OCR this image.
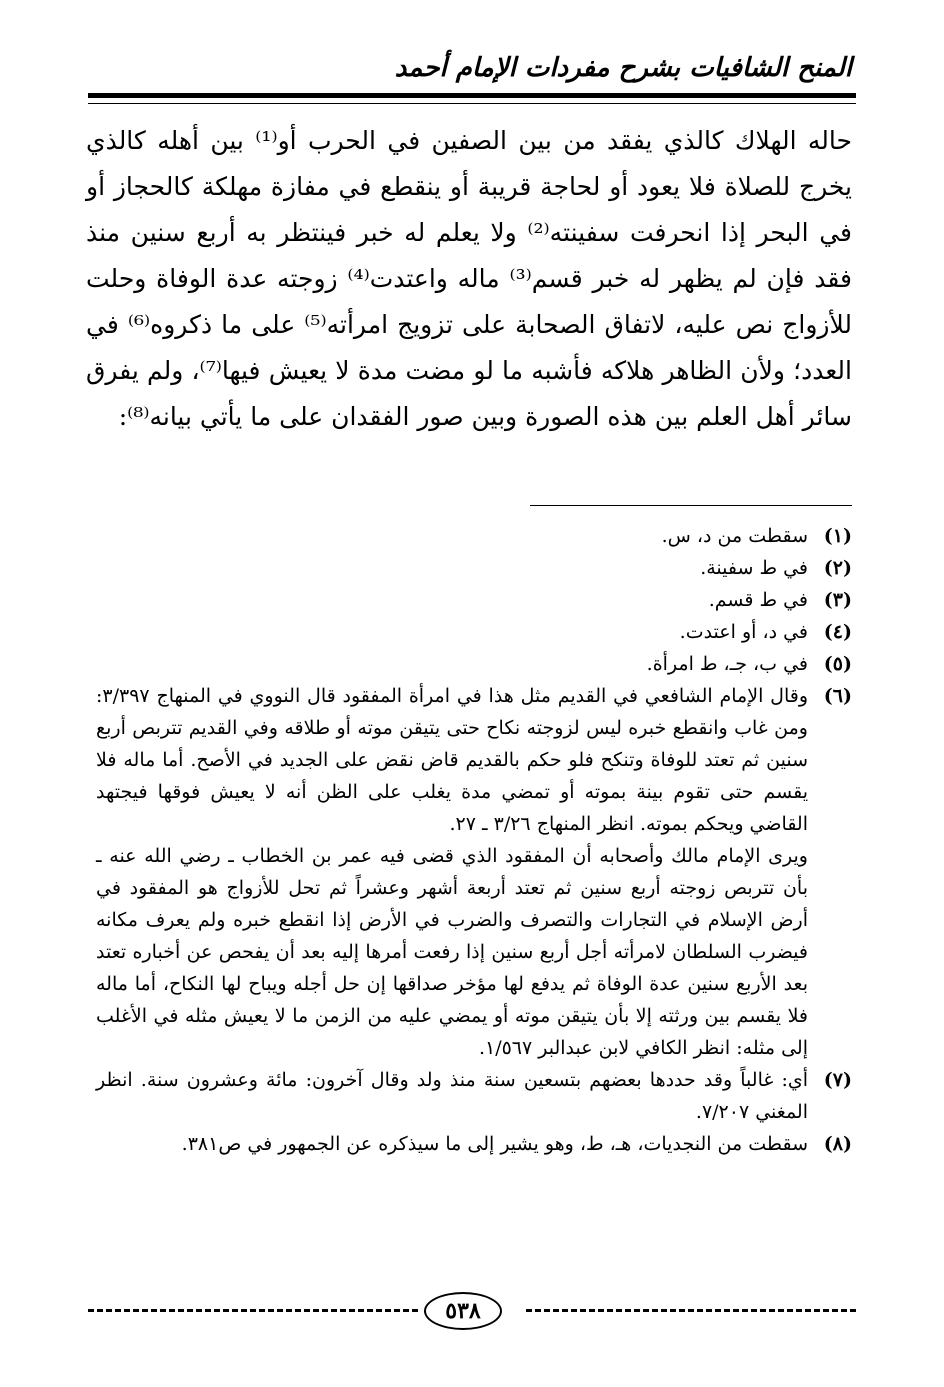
المنح الشافيات بشرح مفردات الإمام أحمد

حاله الهلاك كالذي يفقد من بين الصفين في الحرب أو⁽¹⁾ بين أهله كالذي يخرج للصلاة فلا يعود أو لحاجة قريبة أو ينقطع في مفازة مهلكة كالحجاز أو في البحر إذا انحرفت سفينته⁽²⁾ ولا يعلم له خبر فينتظر به أربع سنين منذ فقد فإن لم يظهر له خبر قسم⁽³⁾ ماله واعتدت⁽⁴⁾ زوجته عدة الوفاة وحلت للأزواج نص عليه، لاتفاق الصحابة على تزويج امرأته⁽⁵⁾ على ما ذكروه⁽⁶⁾ في العدد؛ ولأن الظاهر هلاكه فأشبه ما لو مضت مدة لا يعيش فيها⁽⁷⁾، ولم يفرق سائر أهل العلم بين هذه الصورة وبين صور الفقدان على ما يأتي بيانه⁽⁸⁾:

(١)
سقطت من د، س.
(٢)
في ط سفينة.
(٣)
في ط قسم.
(٤)
في د، أو اعتدت.
(٥)
في ب، جـ، ط امرأة.
(٦)
وقال الإمام الشافعي في القديم مثل هذا في امرأة المفقود قال النووي في المنهاج ٣/٣٩٧: ومن غاب وانقطع خبره ليس لزوجته نكاح حتى يتيقن موته أو طلاقه وفي القديم تتربص أربع سنين ثم تعتد للوفاة وتنكح فلو حكم بالقديم قاض نقض على الجديد في الأصح. أما ماله فلا يقسم حتى تقوم بينة بموته أو تمضي مدة يغلب على الظن أنه لا يعيش فوقها فيجتهد القاضي ويحكم بموته. انظر المنهاج ٣/٢٦ ـ ٢٧.
ويرى الإمام مالك وأصحابه أن المفقود الذي قضى فيه عمر بن الخطاب ـ رضي الله عنه ـ بأن تتربص زوجته أربع سنين ثم تعتد أربعة أشهر وعشراً ثم تحل للأزواج هو المفقود في أرض الإسلام في التجارات والتصرف والضرب في الأرض إذا انقطع خبره ولم يعرف مكانه فيضرب السلطان لامرأته أجل أربع سنين إذا رفعت أمرها إليه بعد أن يفحص عن أخباره تعتد بعد الأربع سنين عدة الوفاة ثم يدفع لها مؤخر صداقها إن حل أجله ويباح لها النكاح، أما ماله فلا يقسم بين ورثته إلا بأن يتيقن موته أو يمضي عليه من الزمن ما لا يعيش مثله في الأغلب إلى مثله: انظر الكافي لابن عبدالبر ١/٥٦٧.
(٧)
أي: غالباً وقد حددها بعضهم بتسعين سنة منذ ولد وقال آخرون: مائة وعشرون سنة. انظر المغني ٧/٢٠٧.
(٨)
سقطت من النجديات، هـ، ط، وهو يشير إلى ما سيذكره عن الجمهور في ص٣٨١.
٥٣٨
